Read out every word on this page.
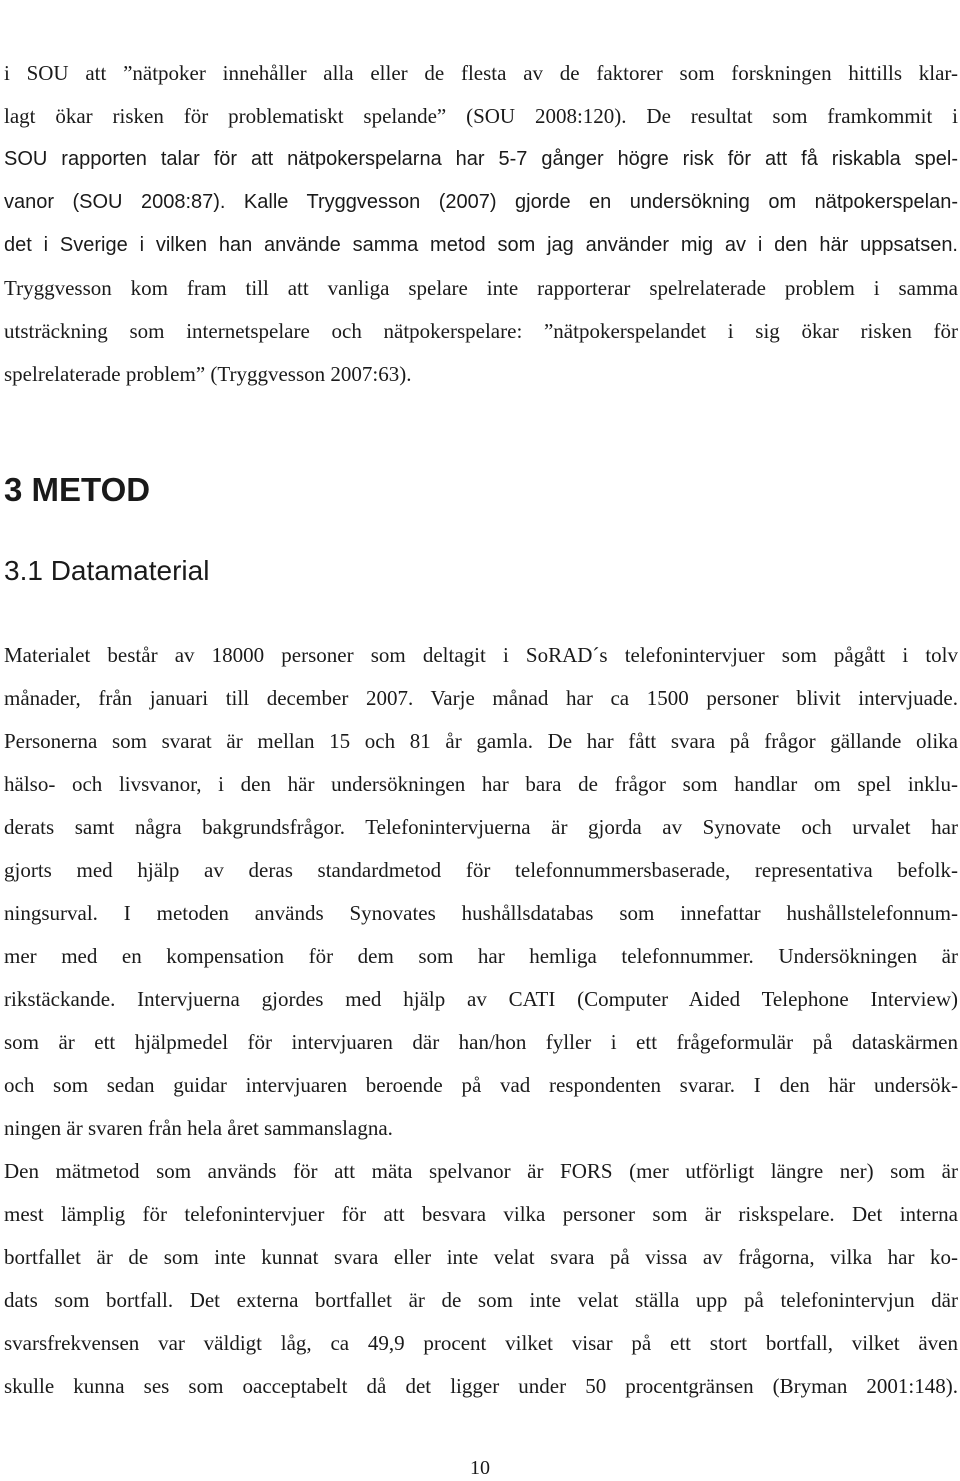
i SOU att ”nätpoker innehåller alla eller de flesta av de faktorer som forskningen hittills klar-

lagt ökar risken för problematiskt spelande” (SOU 2008:120). De resultat som framkommit i

SOU rapporten talar för att nätpokerspelarna har 5-7 gånger högre risk för att få riskabla spel-

vanor (SOU 2008:87). Kalle Tryggvesson (2007) gjorde en undersökning om nätpokerspelan-

det i Sverige i vilken han använde samma metod som jag använder mig av i den här uppsatsen.

Tryggvesson kom fram till att vanliga spelare inte rapporterar spelrelaterade problem i samma

utsträckning som internetspelare och nätpokerspelare: ”nätpokerspelandet i sig ökar risken för

spelrelaterade problem” (Tryggvesson 2007:63).

3 METOD
3.1 Datamaterial

Materialet består av 18000 personer som deltagit i SoRAD´s telefonintervjuer som pågått i tolv

månader, från januari till december 2007. Varje månad har ca 1500 personer blivit intervjuade.

Personerna som svarat är mellan 15 och 81 år gamla. De har fått svara på frågor gällande olika

hälso- och livsvanor, i den här undersökningen har bara de frågor som handlar om spel inklu-

derats samt några bakgrundsfrågor. Telefonintervjuerna är gjorda av Synovate och urvalet har

gjorts med hjälp av deras standardmetod för telefonnummersbaserade, representativa befolk-

ningsurval. I metoden används Synovates hushållsdatabas som innefattar hushållstelefonnum-

mer med en kompensation för dem som har hemliga telefonnummer. Undersökningen är

rikstäckande. Intervjuerna gjordes med hjälp av CATI (Computer Aided Telephone Interview)

som är ett hjälpmedel för intervjuaren där han/hon fyller i ett frågeformulär på dataskärmen

och som sedan guidar intervjuaren beroende på vad respondenten svarar. I den här undersök-

ningen är svaren från hela året sammanslagna.

Den mätmetod som används för att mäta spelvanor är FORS (mer utförligt längre ner) som är

mest lämplig för telefonintervjuer för att besvara vilka personer som är riskspelare. Det interna

bortfallet är de som inte kunnat svara eller inte velat svara på vissa av frågorna, vilka har ko-

dats som bortfall. Det externa bortfallet är de som inte velat ställa upp på telefonintervjun där

svarsfrekvensen var väldigt låg, ca 49,9 procent vilket visar på ett stort bortfall, vilket även

skulle kunna ses som oacceptabelt då det ligger under 50 procentgränsen (Bryman 2001:148).

10
